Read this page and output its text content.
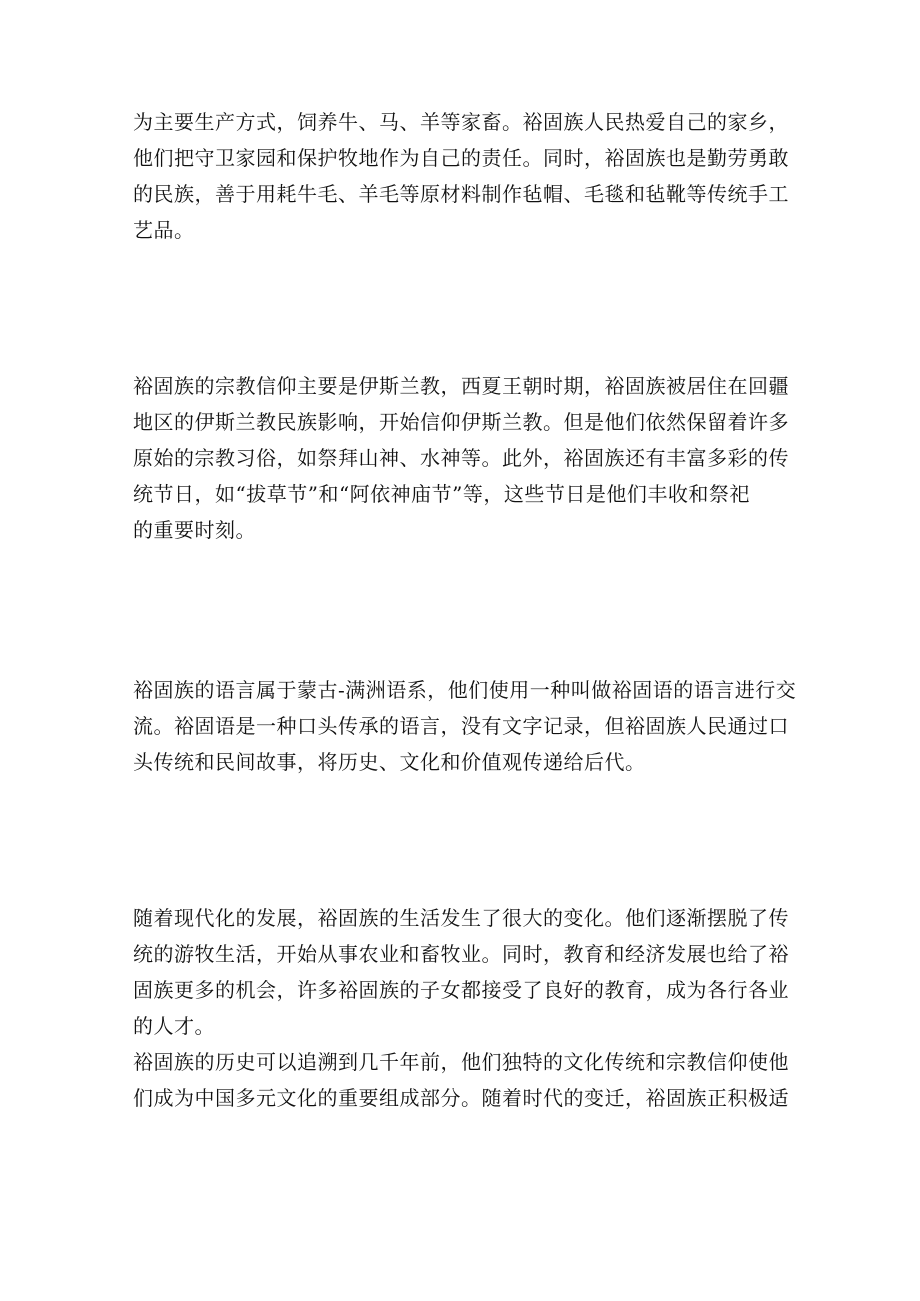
为主要生产方式，饲养牛、马、羊等家畜。裕固族人民热爱自己的家乡，
他们把守卫家园和保护牧地作为自己的责任。同时，裕固族也是勤劳勇敢
的民族，善于用耗牛毛、羊毛等原材料制作毡帽、毛毯和毡靴等传统手工
艺品。
裕固族的宗教信仰主要是伊斯兰教，西夏王朝时期，裕固族被居住在回疆
地区的伊斯兰教民族影响，开始信仰伊斯兰教。但是他们依然保留着许多
原始的宗教习俗，如祭拜山神、水神等。此外，裕固族还有丰富多彩的传
统节日，如“拔草节”和“阿依神庙节”等，这些节日是他们丰收和祭祀
的重要时刻。
裕固族的语言属于蒙古-满洲语系，他们使用一种叫做裕固语的语言进行交
流。裕固语是一种口头传承的语言，没有文字记录，但裕固族人民通过口
头传统和民间故事，将历史、文化和价值观传递给后代。
随着现代化的发展，裕固族的生活发生了很大的变化。他们逐渐摆脱了传
统的游牧生活，开始从事农业和畜牧业。同时，教育和经济发展也给了裕
固族更多的机会，许多裕固族的子女都接受了良好的教育，成为各行各业
的人才。
裕固族的历史可以追溯到几千年前，他们独特的文化传统和宗教信仰使他
们成为中国多元文化的重要组成部分。随着时代的变迁，裕固族正积极适
